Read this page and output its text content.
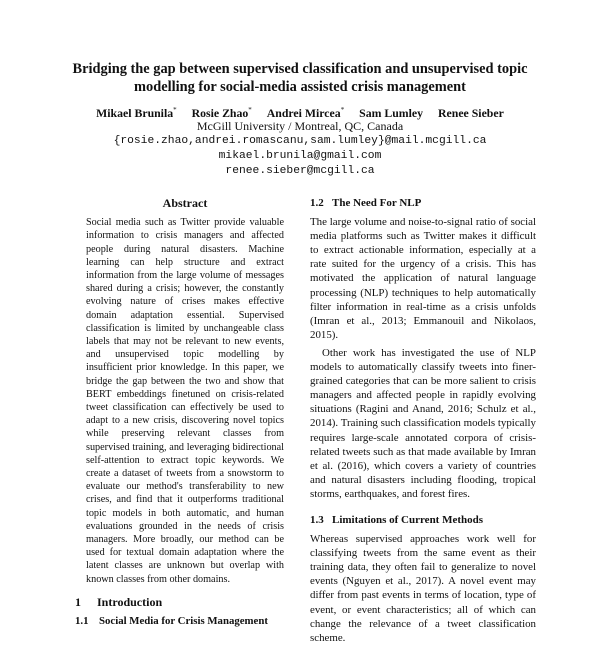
Bridging the gap between supervised classification and unsupervised topic
modelling for social-media assisted crisis management
Mikael Brunila* Rosie Zhao* Andrei Mircea* Sam Lumley Renee Sieber
McGill University / Montreal, QC, Canada
{rosie.zhao,andrei.romascanu,sam.lumley}@mail.mcgill.ca
mikael.brunila@gmail.com
renee.sieber@mcgill.ca
Abstract

Social media such as Twitter provide valuable information to crisis managers and affected people during natural disasters. Machine learning can help structure and extract information from the large volume of messages shared during a crisis; however, the constantly evolving nature of crises makes effective domain adaptation essential. Supervised classification is limited by unchangeable class labels that may not be relevant to new events, and unsupervised topic modelling by insufficient prior knowledge. In this paper, we bridge the gap between the two and show that BERT embeddings finetuned on crisis-related tweet classification can effectively be used to adapt to a new crisis, discovering novel topics while preserving relevant classes from supervised training, and leveraging bidirectional self-attention to extract topic keywords. We create a dataset of tweets from a snowstorm to evaluate our method's transferability to new crises, and find that it outperforms traditional topic models in both automatic, and human evaluations grounded in the needs of crisis managers. More broadly, our method can be used for textual domain adaptation where the latent classes are unknown but overlap with known classes from other domains.

1 Introduction
1.1 Social Media for Crisis Management
1.2 The Need For NLP

The large volume and noise-to-signal ratio of social media platforms such as Twitter makes it difficult to extract actionable information, especially at a rate suited for the urgency of a crisis. This has motivated the application of natural language processing (NLP) techniques to help automatically filter information in real-time as a crisis unfolds (Imran et al., 2013; Emmanouil and Nikolaos, 2015).

Other work has investigated the use of NLP models to automatically classify tweets into finer-grained categories that can be more salient to crisis managers and affected people in rapidly evolving situations (Ragini and Anand, 2016; Schulz et al., 2014). Training such classification models typically requires large-scale annotated corpora of crisis-related tweets such as that made available by Imran et al. (2016), which covers a variety of countries and natural disasters including flooding, tropical storms, earthquakes, and forest fires.

1.3 Limitations of Current Methods

Whereas supervised approaches work well for classifying tweets from the same event as their training data, they often fail to generalize to novel events (Nguyen et al., 2017). A novel event may differ from past events in terms of location, type of event, or event characteristics; all of which can change the relevance of a tweet classification scheme.
